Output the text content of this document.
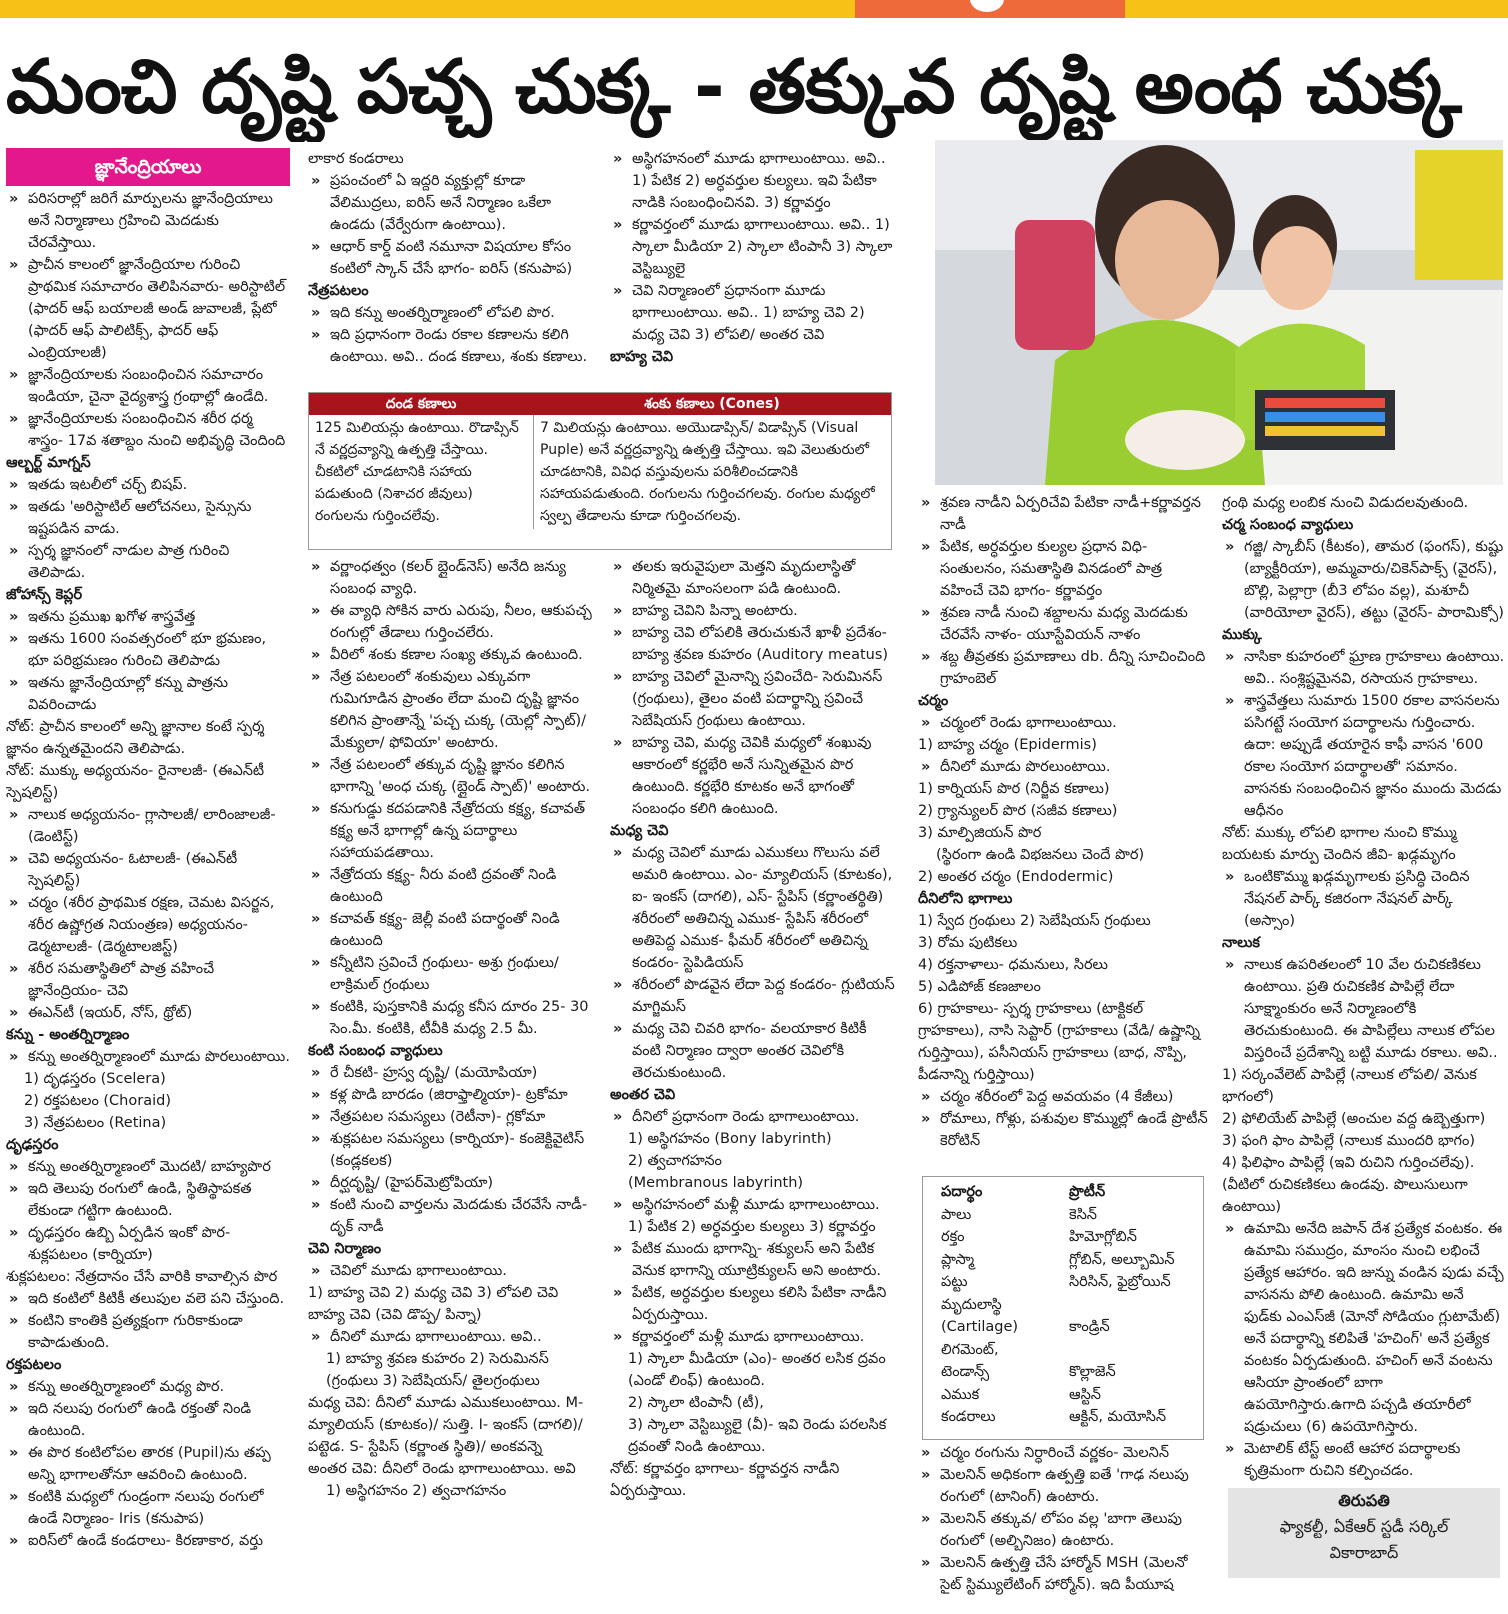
మంచి దృష్టి పచ్చ చుక్క - తక్కువ దృష్టి అంధ చుక్క
జ్ఞానేంద్రియాలు
» పరిసరాల్లో జరిగే మార్పులను జ్ఞానేంద్రియాలు అనే నిర్మాణాలు గ్రహించి మెదడుకు చేరవేస్తాయి.
» ప్రాచీన కాలంలో జ్ఞానేంద్రియాల గురించి ప్రాథమిక సమాచారం తెలిపినవారు- అరిస్టాటిల్ (ఫాదర్ ఆఫ్ బయాలజీ అండ్ జువాలజీ, ప్లేటో (ఫాదర్ ఆఫ్ పాలిటిక్స్, ఫాదర్ ఆఫ్ ఎంబ్రియాలజీ)
» జ్ఞానేంద్రియాలకు సంబంధించిన సమాచారం ఇండియా, చైనా వైద్యశాస్త్ర గ్రంథాల్లో ఉండేది.
» జ్ఞానేంద్రియాలకు సంబంధించిన శరీర ధర్మ శాస్త్రం- 17వ శతాబ్దం నుంచి అభివృద్ధి చెందింది
ఆల్బర్ట్ మాగ్నస్
» ఇతడు ఇటలీలో చర్చ్ బిషప్.
» ఇతడు 'అరిస్టాటిల్ ఆలోచనలు, సైన్సును ఇష్టపడిన వాడు.
» స్పర్శ జ్ఞానంలో నాడుల పాత్ర గురించి తెలిపాడు.
జోహాన్స్ కెప్లర్
» ఇతను ప్రముఖ ఖగోళ శాస్త్రవేత్త
» ఇతను 1600 సంవత్సరంలో భూ భ్రమణం, భూ పరిభ్రమణం గురించి తెలిపాడు
» ఇతను జ్ఞానేంద్రియాల్లో కన్ను పాత్రను వివరించాడు
నోట్: ప్రాచీన కాలంలో అన్ని జ్ఞానాల కంటే స్పర్శ జ్ఞానం ఉన్నతమైందని తెలిపాడు.
నోట్: ముక్కు అధ్యయనం- రైనాలజీ- (ఈఎన్‌టీ స్పెషలిస్ట్)
» నాలుక అధ్యయనం- గ్లాసాలజీ/ లారింజాలజీ- (డెంటిస్ట్)
» చెవి అధ్యయనం- ఓటాలజీ- (ఈఎన్‌టీ స్పెషలిస్ట్)
» చర్మం (శరీర ప్రాథమిక రక్షణ, చెమట విసర్జన, శరీర ఉష్ణోగ్రత నియంత్రణ) అధ్యయనం- డెర్మటాలజీ- (డెర్మటాలజిస్ట్)
» శరీర సమతాస్థితిలో పాత్ర వహించే జ్ఞానేంద్రియం- చెవి
» ఈఎన్‌టీ (ఇయర్, నోస్, థ్రోట్)
కన్ను - అంతర్నిర్మాణం
» కన్ను అంతర్నిర్మాణంలో మూడు పొరలుంటాయి.
1) దృఢస్తరం (Scelera)
2) రక్తపటలం (Choraid)
3) నేత్రపటలం (Retina)
దృఢస్తరం
» కన్ను అంతర్నిర్మాణంలో మొదటి/ బాహ్యపొర
» ఇది తెలుపు రంగులో ఉండి, స్థితిస్థాపకత లేకుండా గట్టిగా ఉంటుంది.
» దృఢస్తరం ఉబ్బి ఏర్పడిన ఇంకో పొర- శుక్లపటలం (కార్నియా)
శుక్లపటలం: నేత్రదానం చేసే వారికి కావాల్సిన పొర
» ఇది కంటిలో కిటికీ తలుపుల వలె పని చేస్తుంది.
» కంటిని కాంతికి ప్రత్యక్షంగా గురికాకుండా కాపాడుతుంది.
రక్తపటలం
» కన్ను అంతర్నిర్మాణంలో మధ్య పొర.
» ఇది నలుపు రంగులో ఉండి రక్తంతో నిండి ఉంటుంది.
» ఈ పొర కంటిలోపల తారక (Pupil)ను తప్ప అన్ని భాగాలతోనూ ఆవరించి ఉంటుంది.
» కంటికి మధ్యలో గుండ్రంగా నలుపు రంగులో ఉండే నిర్మాణం- Iris (కనుపాప)
» ఐరిస్‌లో ఉండే కండరాలు- కిరణాకార, వర్తు
లాకార కండరాలు
» ప్రపంచంలో ఏ ఇద్దరి వ్యక్తుల్లో కూడా వేలిముద్రలు, ఐరిస్ అనే నిర్మాణం ఒకేలా ఉండదు (వేర్వేరుగా ఉంటాయి).
» ఆధార్ కార్డ్ వంటి నమూనా విషయాల కోసం కంటిలో స్కాన్ చేసే భాగం- ఐరిస్ (కనుపాప)
నేత్రపటలం
» ఇది కన్ను అంతర్నిర్మాణంలో లోపలి పొర.
» ఇది ప్రధానంగా రెండు రకాల కణాలను కలిగి ఉంటాయి. అవి.. దండ కణాలు, శంకు కణాలు.
» అస్థిగహనంలో మూడు భాగాలుంటాయి. అవి.. 1) పేటిక 2) అర్ధవర్తుల కుల్యలు. ఇవి పేటికా నాడికి సంబంధించినవి. 3) కర్ణావర్తం
» కర్ణావర్తంలో మూడు భాగాలుంటాయి. అవి.. 1) స్కాలా మీడియా 2) స్కాలా టింపానీ 3) స్కాలా వెస్టిబ్యులై
» చెవి నిర్మాణంలో ప్రధానంగా మూడు భాగాలుంటాయి. అవి.. 1) బాహ్య చెవి 2) మధ్య చెవి 3) లోపలి/ అంతర చెవి
బాహ్య చెవి
దండ కణాలు	శంకు కణాలు (Cones)
125 మిలియన్లు ఉంటాయి. రొడాప్సిన్ నే వర్ణద్రవ్యాన్ని ఉత్పత్తి చేస్తాయి. చీకటిలో చూడటానికి సహాయ పడుతుంది (నిశాచర జీవులు) రంగులను గుర్తించలేవు.
7 మిలియన్లు ఉంటాయి. అయొడాప్సిన్/ విడాప్సిన్ (Visual Puple) అనే వర్ణద్రవ్యాన్ని ఉత్పత్తి చేస్తాయి. ఇవి వెలుతురులో చూడటానికి, వివిధ వస్తువులను పరిశీలించడానికి సహాయపడుతుంది. రంగులను గుర్తించగలవు. రంగుల మధ్యలో స్వల్ప తేడాలను కూడా గుర్తించగలవు.
» వర్ణాంధత్వం (కలర్ బ్లైండ్‌నెస్) అనేది జన్యు సంబంధ వ్యాధి.
» ఈ వ్యాధి సోకిన వారు ఎరుపు, నీలం, ఆకుపచ్చ రంగుల్లో తేడాలు గుర్తించలేరు.
» వీరిలో శంకు కణాల సంఖ్య తక్కువ ఉంటుంది.
» నేత్ర పటలంలో శంకువులు ఎక్కువగా గుమిగూడిన ప్రాంతం లేదా మంచి దృష్టి జ్ఞానం కలిగిన ప్రాంతాన్నే 'పచ్చ చుక్క (యెల్లో స్పాట్)/ మేక్యులా/ ఫోవియా' అంటారు.
» నేత్ర పటలంలో తక్కువ దృష్టి జ్ఞానం కలిగిన భాగాన్ని 'అంధ చుక్క (బ్లైండ్ స్పాట్)' అంటారు.
» కనుగుడ్డు కదపడానికి నేత్రోదయ కక్ష్య, కచావత్ కక్ష్య అనే భాగాల్లో ఉన్న పదార్థాలు సహాయపడతాయి.
» నేత్రోదయ కక్ష్య- నీరు వంటి ద్రవంతో నిండి ఉంటుంది
» కచావత్ కక్ష్య- జెల్లీ వంటి పదార్థంతో నిండి ఉంటుంది
» కన్నీటిని స్రవించే గ్రంథులు- అశ్రు గ్రంథులు/ లాక్రిమల్ గ్రంథులు
» కంటికి, పుస్తకానికి మధ్య కనీస దూరం 25- 30 సెం.మీ. కంటికి, టీవీకి మధ్య 2.5 మీ.
కంటి సంబంధ వ్యాధులు
» రే చీకటి- హ్రస్వ దృష్టి/ (మయోపియా)
» కళ్ల పొడి బారడం (జిరాఫ్తాల్మియా)- ట్రకోమా
» నేత్రపటల సమస్యలు (రెటీనా)- గ్లకోమా
» శుక్లపటల సమస్యలు (కార్నియా)- కంజెక్టివైటిస్ (కండ్లకలక)
» దీర్ఘదృష్టి/ (హైపర్‌మెట్రోపియా)
» కంటి నుంచి వార్తలను మెదడుకు చేరవేసే నాడీ- దృక్ నాడీ
చెవి నిర్మాణం
» చెవిలో మూడు భాగాలుంటాయి.
1) బాహ్య చెవి 2) మధ్య చెవి 3) లోపలి చెవి బాహ్య చెవి (చెవి డొప్ప/ పిన్నా)
» దీనిలో మూడు భాగాలుంటాయి. అవి..
1) బాహ్య శ్రవణ కుహరం 2) సెరుమినస్ (గ్రంథులు 3) సెబేషియస్/ తైలగ్రంథులు
మధ్య చెవి: దీనిలో మూడు ఎముకలుంటాయి. M- మ్యాలియస్ (కూటకం)/ సుత్తి. I- ఇంకస్ (దాగలి)/ పట్టెడ. S- స్టేపిస్ (కర్ణాంత స్థితి)/ అంకవన్నె
అంతర చెవి: దీనిలో రెండు భాగాలుంటాయి. అవి
1) అస్థిగహనం 2) త్వచాగహనం
» తలకు ఇరువైపులా మెత్తని మృదులాస్థితో నిర్మితమై మాంసలంగా పడి ఉంటుంది.
» బాహ్య చెవిని పిన్నా అంటారు.
» బాహ్య చెవి లోపలికి తెరుచుకునే ఖాళీ ప్రదేశం- బాహ్య శ్రవణ కుహరం (Auditory meatus)
» బాహ్య చెవిలో మైనాన్ని స్రవించేది- సెరుమినస్ (గ్రంథులు), తైలం వంటి పదార్థాన్ని స్రవించే సెబేషియస్ గ్రంథులు ఉంటాయి.
» బాహ్య చెవి, మధ్య చెవికి మధ్యలో శంఖువు ఆకారంలో కర్ణభేరి అనే సున్నితమైన పొర ఉంటుంది. కర్ణభేరి కూటకం అనే భాగంతో సంబంధం కలిగి ఉంటుంది.
మధ్య చెవి
» మధ్య చెవిలో మూడు ఎముకలు గొలుసు వలే అమరి ఉంటాయి. ఎం- మ్యాలియస్ (కూటకం), ఐ- ఇంకస్ (దాగలి), ఎస్- స్టేపిస్ (కర్ణాంతర్థితి) శరీరంలో అతిచిన్న ఎముక- స్టేపిస్ శరీరంలో అతిపెద్ద ఎముక- ఫీమర్ శరీరంలో అతిచిన్న కండరం- స్టెపిడియస్
» శరీరంలో పొడవైన లేదా పెద్ద కండరం- గ్లుటియస్ మాగ్జిమస్
» మధ్య చెవి చివరి భాగం- వలయాకార కిటికీ వంటి నిర్మాణం ద్వారా అంతర చెవిలోకి తెరచుకుంటుంది.
అంతర చెవి
» దీనిలో ప్రధానంగా రెండు భాగాలుంటాయి.
1) అస్థిగహనం (Bony labyrinth)
2) త్వచాగహనం
(Membranous labyrinth)
» అస్థిగహనంలో మళ్లీ మూడు భాగాలుంటాయి.
1) పేటిక 2) అర్ధవర్తుల కుల్యలు 3) కర్ణావర్తం
» పేటిక ముందు భాగాన్ని- శక్యులస్ అని పేటిక వెనుక భాగాన్ని యూట్రిక్యులస్ అని అంటారు.
» పేటిక, అర్ధవర్తుల కుల్యలు కలిసి పేటికా నాడీని ఏర్పరుస్తాయి.
» కర్ణావర్తంలో మళ్లీ మూడు భాగాలుంటాయి.
1) స్కాలా మీడియా (ఎం)- అంతర లసిక ద్రవం (ఎండో లింఫ్) ఉంటుంది.
2) స్కాలా టింపానీ (టీ),
3) స్కాలా వెస్టిబ్యులై (వీ)- ఇవి రెండు పరలసిక ద్రవంతో నిండి ఉంటాయి.
నోట్: కర్ణావర్తం భాగాలు- కర్ణావర్తన నాడీని ఏర్పరుస్తాయి.
» శ్రవణ నాడీని ఏర్పరిచేవి పేటికా నాడీ+కర్ణావర్తన నాడీ
» పేటిక, అర్ధవర్తుల కుల్యల ప్రధాన విధి- సంతులనం, సమతాస్థితి వినడంలో పాత్ర వహించే చెవి భాగం- కర్ణావర్తం
» శ్రవణ నాడీ నుంచి శబ్దాలను మధ్య మెదడుకు చేరవేసే నాళం- యూస్టేవియన్ నాళం
» శబ్ద తీవ్రతకు ప్రమాణాలు db. దీన్ని సూచించింది గ్రాహంబెల్
చర్మం
» చర్మంలో రెండు భాగాలుంటాయి.
1) బాహ్య చర్మం (Epidermis)
» దీనిలో మూడు పొరలుంటాయి.
1) కార్నియస్ పొర (నిర్జీవ కణాలు)
2) గ్ర్యాన్యులర్ పొర (సజీవ కణాలు)
3) మాల్పిజియన్ పొర
(స్థిరంగా ఉండి విభజనలు చెందే పొర)
2) అంతర చర్మం (Endodermic)
దీనిలోని భాగాలు
1) స్వేద గ్రంథులు 2) సెబేషియస్ గ్రంథులు
3) రోమ పుటికలు
4) రక్తనాళాలు- ధమనులు, సిరలు
5) ఎడిపోజ్ కణజాలం
6) గ్రాహకాలు- స్పర్శ గ్రాహకాలు (టాక్టికల్ గ్రాహకాలు), నాసి సెప్టార్ (గ్రాహకాలు (వేడి/ ఉష్ణాన్ని గుర్తిస్తాయి), పసీనియస్ గ్రాహకాలు (బాధ, నొప్పి, పీడనాన్ని గుర్తిస్తాయి)
» చర్మం శరీరంలో పెద్ద అవయవం (4 కేజీలు)
» రోమాలు, గోళ్లు, పశువుల కొమ్ముల్లో ఉండే ప్రొటీన్ కెరోటిన్
పదార్థం	ప్రొటీన్
పాలు	కెసిన్
రక్తం	హిమోగ్లోబిన్
ప్లాస్మా	గ్లోబిన్, అల్బూమిన్
పట్టు	సిరిసిన్, ఫైబ్రోయిన్
మృదులాస్థి	
(Cartilage)	కాండ్రిన్
లిగమెంట్,	
టెండాన్స్	కొల్లాజెన్
ఎముక	ఆస్టిన్
కండరాలు	ఆక్టిన్, మయోసిన్
» చర్మం రంగును నిర్ధారించే వర్ణకం- మెలనిన్
» మెలనిన్ అధికంగా ఉత్పత్తి ఐతే 'గాఢ నలుపు రంగులో (టానింగ్) ఉంటారు.
» మెలనిన్ తక్కువ/ లోపం వల్ల 'బాగా తెలుపు రంగులో (అల్బినిజం) ఉంటారు.
» మెలనిన్ ఉత్పత్తి చేసే హార్మోన్ MSH (మెలనో సైట్ స్టిమ్యులేటింగ్ హార్మోన్). ఇది పీయూష
గ్రంథి మధ్య లంబిక నుంచి విడుదలవుతుంది.
చర్మ సంబంధ వ్యాధులు
» గజ్జి/ స్కాబీస్ (కీటకం), తామర (ఫంగస్), కుష్టు (బ్యాక్టీరియా), అమ్మవారు/చికెన్‌పాక్స్ (వైరస్), బొల్లి, పెల్లాగ్రా (బీ3 లోపం వల్ల), మశూచీ (వారియోలా వైరస్), తట్టు (వైరస్- పారామిక్సో)
ముక్కు
» నాసికా కుహరంలో ఘ్రాణ గ్రాహకాలు ఉంటాయి. అవి.. సంశ్లిష్టమైనవి, రసాయన గ్రాహకాలు.
» శాస్త్రవేత్తలు సుమారు 1500 రకాల వాసనలను పసిగట్టే సంయోగ పదార్థాలను గుర్తించారు. ఉదా: అప్పుడే తయారైన కాఫీ వాసన '600 రకాల సంయోగ పదార్థాలతో' సమానం. వాసనకు సంబంధించిన జ్ఞానం ముందు మెదడు ఆధీనం
నోట్: ముక్కు లోపలి భాగాల నుంచి కొమ్ము బయటకు మార్పు చెందిన జీవి- ఖడ్గమృగం
» ఒంటికొమ్ము ఖడ్గమృగాలకు ప్రసిద్ధి చెందిన నేషనల్ పార్క్ కజిరంగా నేషనల్ పార్క్ (అస్సాం)
నాలుక
» నాలుక ఉపరితలంలో 10 వేల రుచికణికలు ఉంటాయి. ప్రతి రుచికణిక పాపిల్లే లేదా సూక్ష్మాంకురం అనే నిర్మాణంలోకి తెరచుకుంటుంది. ఈ పాపిల్లేలు నాలుక లోపల విస్తరించే ప్రదేశాన్ని బట్టి మూడు రకాలు. అవి..
1) సర్కంవేలెట్ పాపిల్లే (నాలుక లోపలి/ వెనుక భాగంలో)
2) ఫోలియేట్ పాపిల్లే (అంచుల వద్ద ఉబ్బెత్తుగా)
3) ఫంగి ఫాం పాపిల్లే (నాలుక ముందరి భాగం)
4) ఫిలిఫాం పాపిల్లే (ఇవి రుచిని గుర్తించలేవు). (వీటిలో రుచికణికలు ఉండవు. పొలుసులుగా ఉంటాయి)
» ఉమామి అనేది జపాన్ దేశ ప్రత్యేక వంటకం. ఈ ఉమామి సముద్రం, మాంసం నుంచి లభించే ప్రత్యేక ఆహారం. ఇది జున్ను వండిన పుడు వచ్చే వాసనను పోలి ఉంటుంది. ఉమామి అనే ఫుడ్‌కు ఎంఎస్‌జీ (మోనో సోడియం గ్లుటామేట్) అనే పదార్థాన్ని కలిపితే 'హచింగ్' అనే ప్రత్యేక వంటకం ఏర్పడుతుంది. హచింగ్ అనే వంటను ఆసియా ప్రాంతంలో బాగా ఉపయోగిస్తారు.ఉగాది పచ్చడి తయారీలో షడ్రుచులు (6) ఉపయోగిస్తారు.
» మెటాలిక్ టేస్ట్ అంటే ఆహార పదార్థాలకు కృత్రిమంగా రుచిని కల్పించడం.
తిరుపతి
ఫ్యాకల్టీ, ఏకేఆర్ స్టడీ సర్కిల్
వికారాబాద్
